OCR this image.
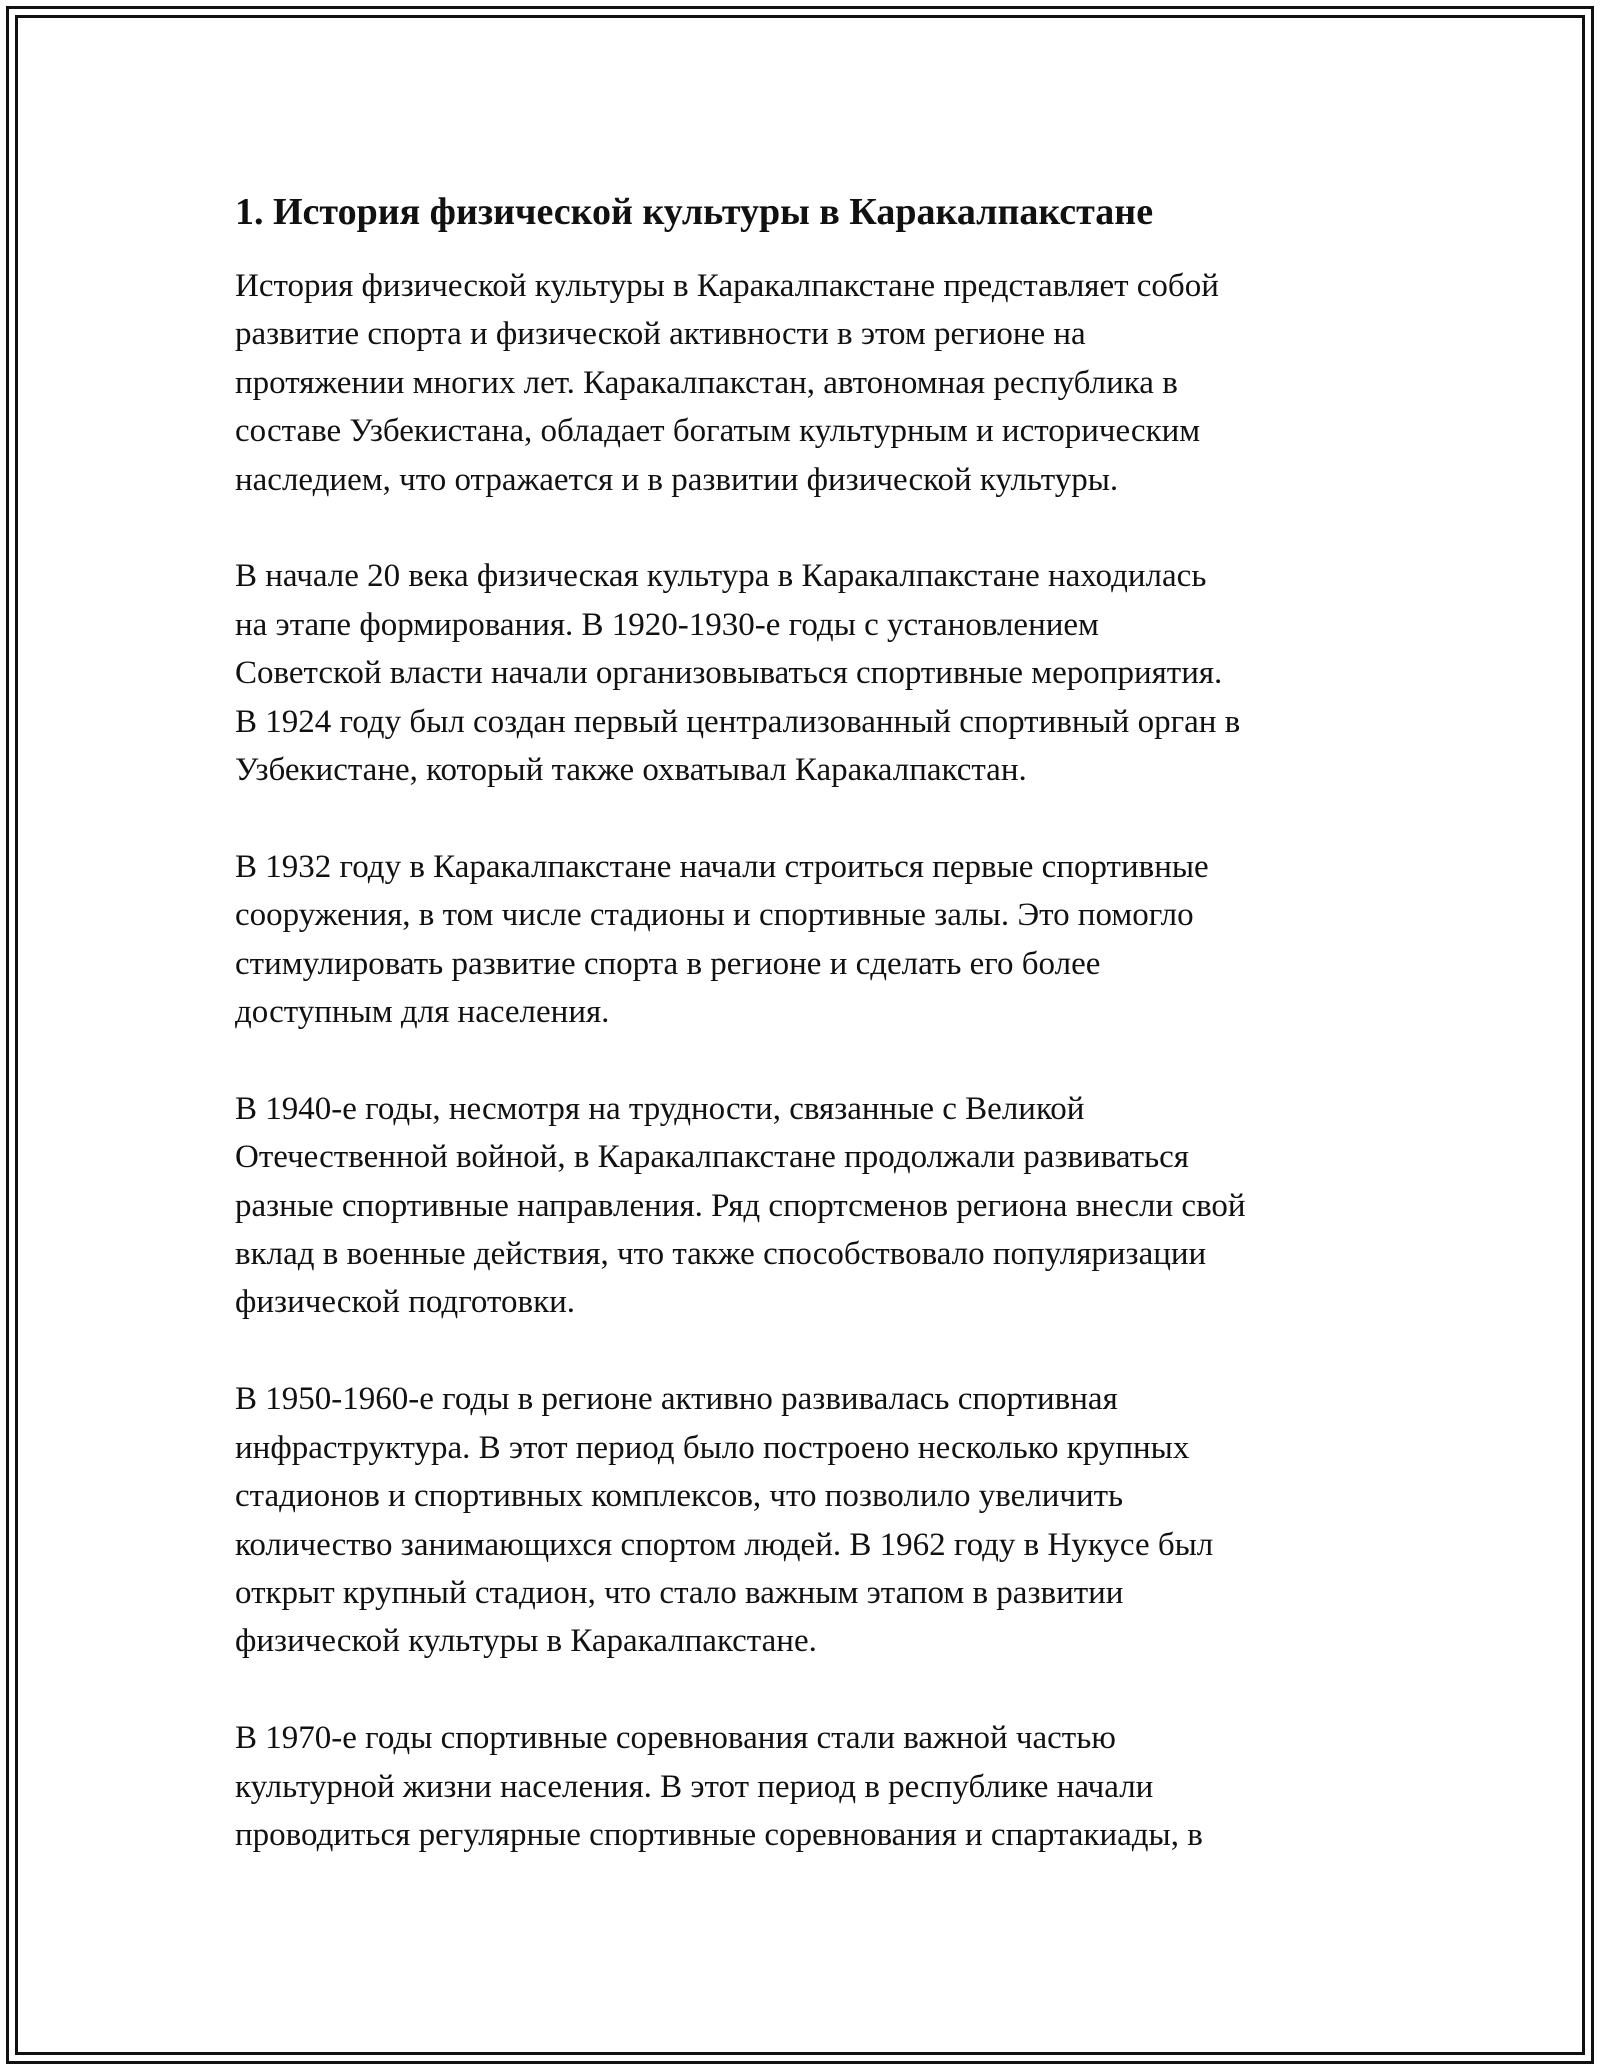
1. История физической культуры в Каракалпакстане

История физической культуры в Каракалпакстане представляет собой
развитие спорта и физической активности в этом регионе на
протяжении многих лет. Каракалпакстан, автономная республика в
составе Узбекистана, обладает богатым культурным и историческим
наследием, что отражается и в развитии физической культуры.

В начале 20 века физическая культура в Каракалпакстане находилась
на этапе формирования. В 1920-1930-е годы с установлением
Советской власти начали организовываться спортивные мероприятия.
В 1924 году был создан первый централизованный спортивный орган в
Узбекистане, который также охватывал Каракалпакстан.

В 1932 году в Каракалпакстане начали строиться первые спортивные
сооружения, в том числе стадионы и спортивные залы. Это помогло
стимулировать развитие спорта в регионе и сделать его более
доступным для населения.

В 1940-е годы, несмотря на трудности, связанные с Великой
Отечественной войной, в Каракалпакстане продолжали развиваться
разные спортивные направления. Ряд спортсменов региона внесли свой
вклад в военные действия, что также способствовало популяризации
физической подготовки.

В 1950-1960-е годы в регионе активно развивалась спортивная
инфраструктура. В этот период было построено несколько крупных
стадионов и спортивных комплексов, что позволило увеличить
количество занимающихся спортом людей. В 1962 году в Нукусе был
открыт крупный стадион, что стало важным этапом в развитии
физической культуры в Каракалпакстане.

В 1970-е годы спортивные соревнования стали важной частью
культурной жизни населения. В этот период в республике начали
проводиться регулярные спортивные соревнования и спартакиады, в
